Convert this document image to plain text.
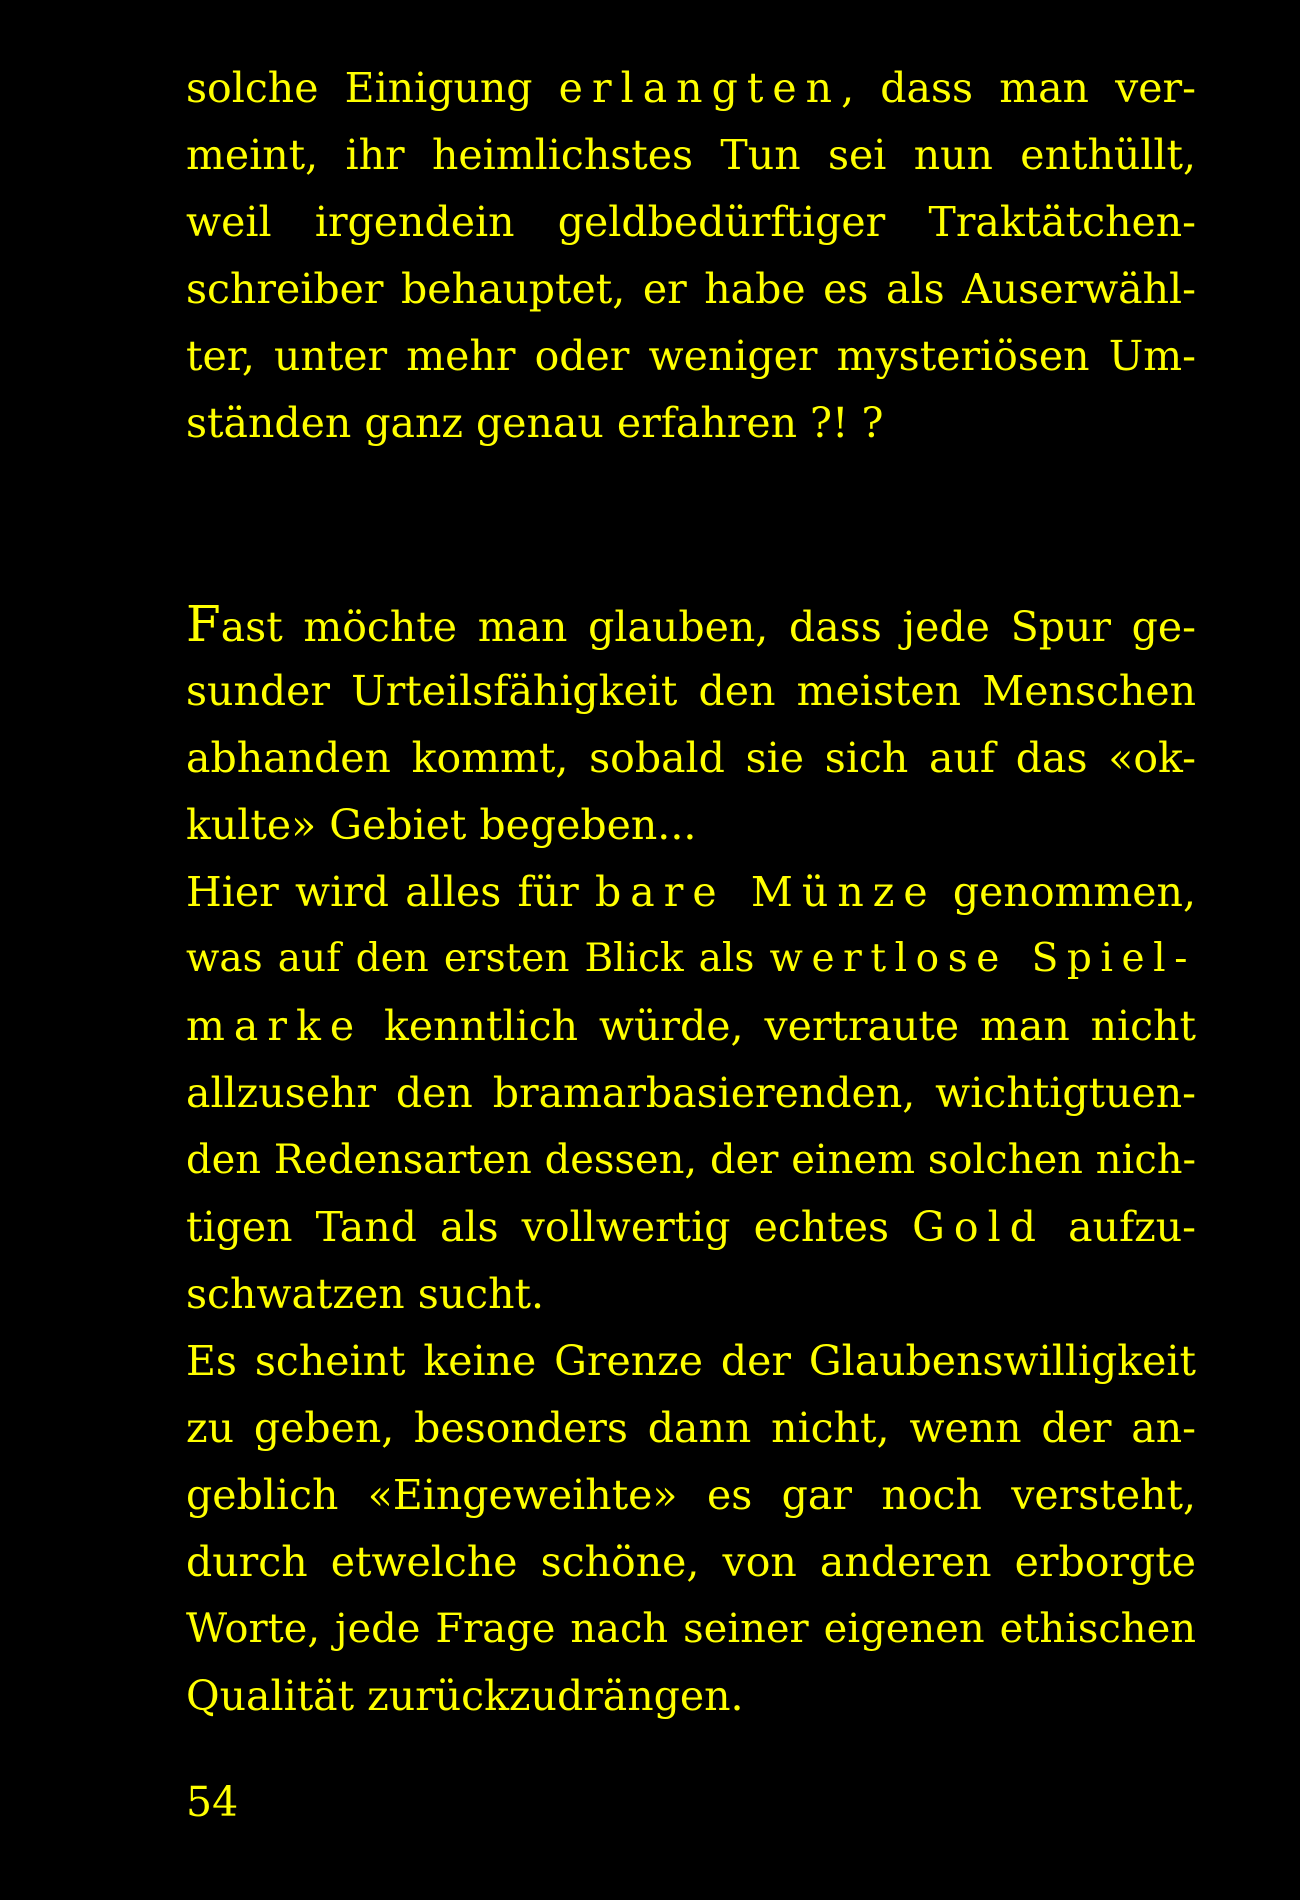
solche Einigung erlangten, dass man ver-
meint, ihr heimlichstes Tun sei nun enthüllt,
weil irgendein geldbedürftiger Traktätchen-
schreiber behauptet, er habe es als Auserwähl-
ter, unter mehr oder weniger mysteriösen Um-
ständen ganz genau erfahren ?! ?
Fast möchte man glauben, dass jede Spur ge-
sunder Urteilsfähigkeit den meisten Menschen
abhanden kommt, sobald sie sich auf das «ok-
kulte» Gebiet begeben...
Hier wird alles für bare Münze genommen,
was auf den ersten Blick als wertlose Spiel-
marke kenntlich würde, vertraute man nicht
allzusehr den bramarbasierenden, wichtigtuen-
den Redensarten dessen, der einem solchen nich-
tigen Tand als vollwertig echtes Gold aufzu-
schwatzen sucht.
Es scheint keine Grenze der Glaubenswilligkeit
zu geben, besonders dann nicht, wenn der an-
geblich «Eingeweihte» es gar noch versteht,
durch etwelche schöne, von anderen erborgte
Worte, jede Frage nach seiner eigenen ethischen
Qualität zurückzudrängen.
54
